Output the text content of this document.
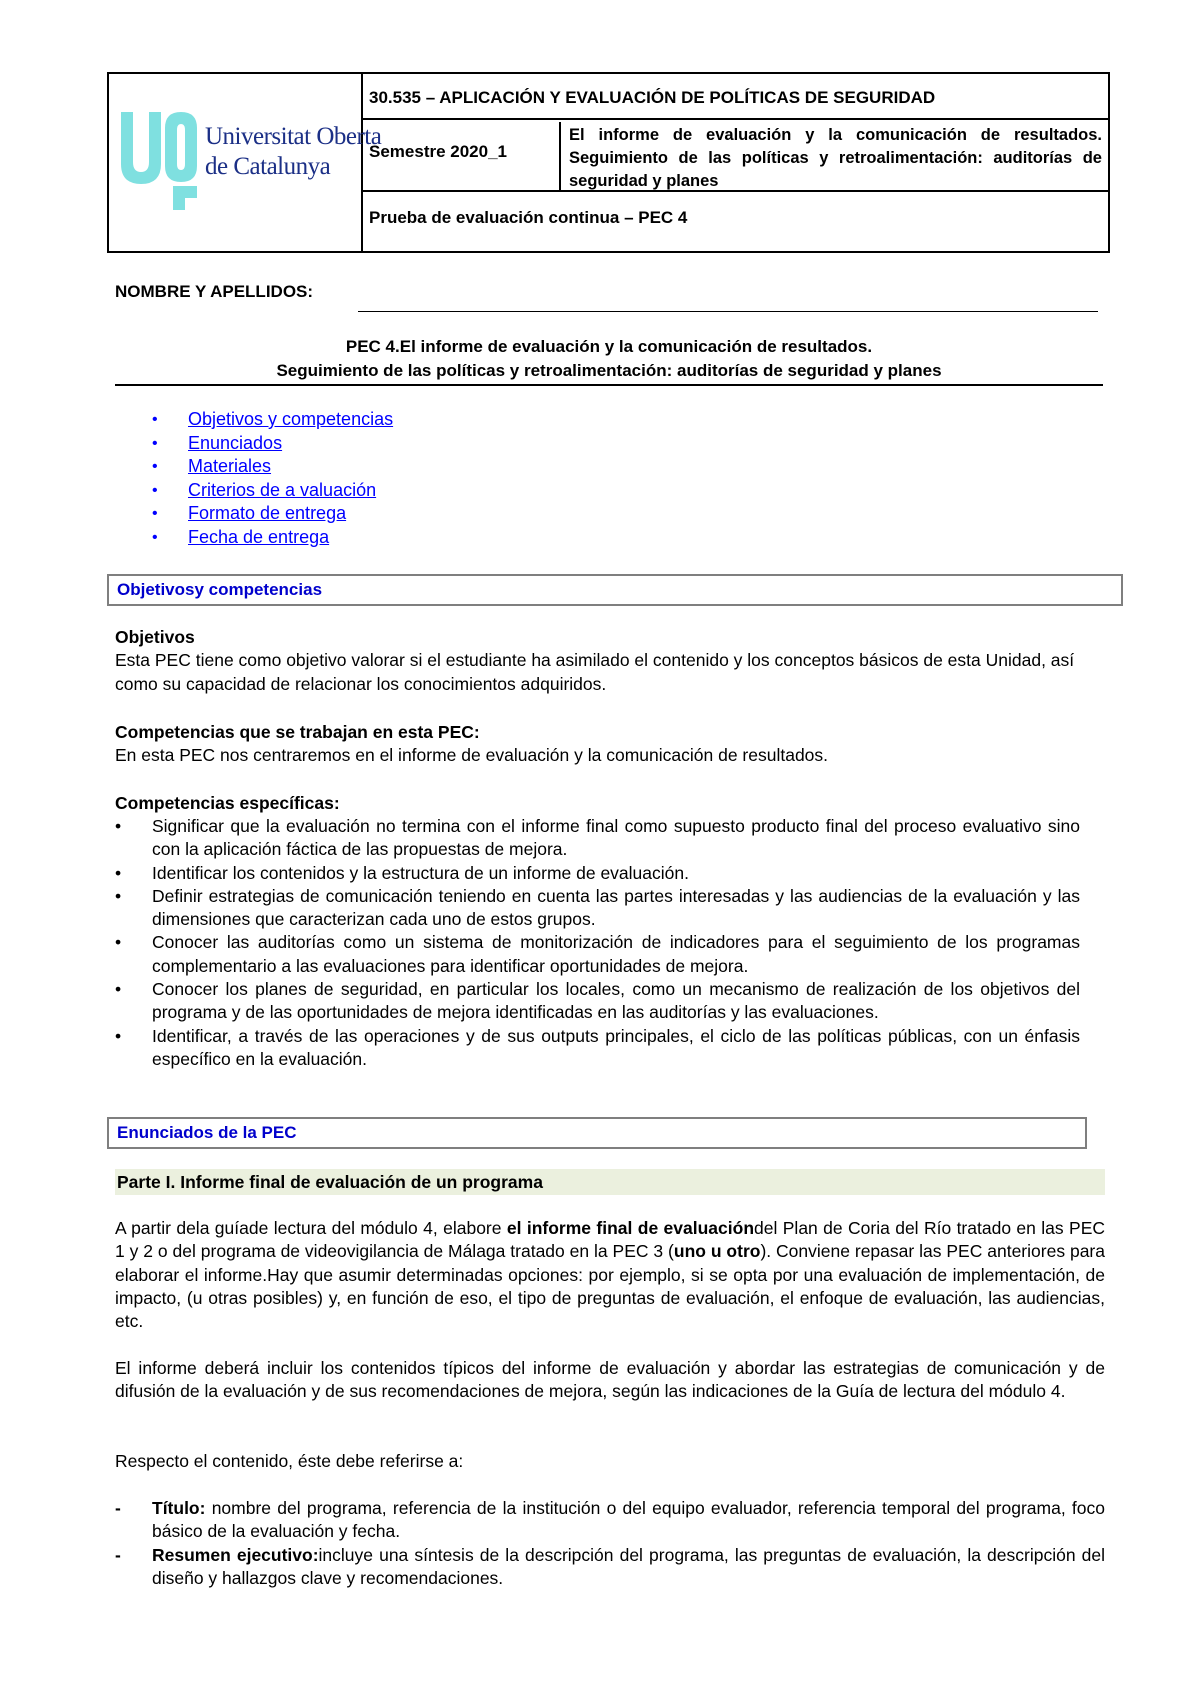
Universitat Oberta
de Catalunya
30.535 – APLICACIÓN Y EVALUACIÓN DE POLÍTICAS DE SEGURIDAD
Semestre 2020_1
El informe de evaluación y la comunicación de resultados. Seguimiento de las políticas y retroalimentación: auditorías de seguridad y planes
Prueba de evaluación continua – PEC 4
NOMBRE Y APELLIDOS:
PEC 4.El informe de evaluación y la comunicación de resultados.
Seguimiento de las políticas y retroalimentación: auditorías de seguridad y planes
• Objetivos y competencias
• Enunciados
• Materiales
• Criterios de a valuación
• Formato de entrega
• Fecha de entrega
Objetivosy competencias
Objetivos
Esta PEC tiene como objetivo valorar si el estudiante ha asimilado el contenido y los conceptos básicos de esta Unidad, así como su capacidad de relacionar los conocimientos adquiridos.
Competencias que se trabajan en esta PEC:
En esta PEC nos centraremos en el informe de evaluación y la comunicación de resultados.
Competencias específicas:
• Significar que la evaluación no termina con el informe final como supuesto producto final del proceso evaluativo sino con la aplicación fáctica de las propuestas de mejora.
• Identificar los contenidos y la estructura de un informe de evaluación.
• Definir estrategias de comunicación teniendo en cuenta las partes interesadas y las audiencias de la evaluación y las dimensiones que caracterizan cada uno de estos grupos.
• Conocer las auditorías como un sistema de monitorización de indicadores para el seguimiento de los programas complementario a las evaluaciones para identificar oportunidades de mejora.
• Conocer los planes de seguridad, en particular los locales, como un mecanismo de realización de los objetivos del programa y de las oportunidades de mejora identificadas en las auditorías y las evaluaciones.
• Identificar, a través de las operaciones y de sus outputs principales, el ciclo de las políticas públicas, con un énfasis específico en la evaluación.
Enunciados de la PEC
Parte I. Informe final de evaluación de un programa
A partir dela guíade lectura del módulo 4, elabore el informe final de evaluacióndel Plan de Coria del Río tratado en las PEC 1 y 2 o del programa de videovigilancia de Málaga tratado en la PEC 3 (uno u otro). Conviene repasar las PEC anteriores para elaborar el informe.Hay que asumir determinadas opciones: por ejemplo, si se opta por una evaluación de implementación, de impacto, (u otras posibles) y, en función de eso, el tipo de preguntas de evaluación, el enfoque de evaluación, las audiencias, etc.
El informe deberá incluir los contenidos típicos del informe de evaluación y abordar las estrategias de comunicación y de difusión de la evaluación y de sus recomendaciones de mejora, según las indicaciones de la Guía de lectura del módulo 4.
Respecto el contenido, éste debe referirse a:
- Título: nombre del programa, referencia de la institución o del equipo evaluador, referencia temporal del programa, foco básico de la evaluación y fecha.
- Resumen ejecutivo:incluye una síntesis de la descripción del programa, las preguntas de evaluación, la descripción del diseño y hallazgos clave y recomendaciones.
